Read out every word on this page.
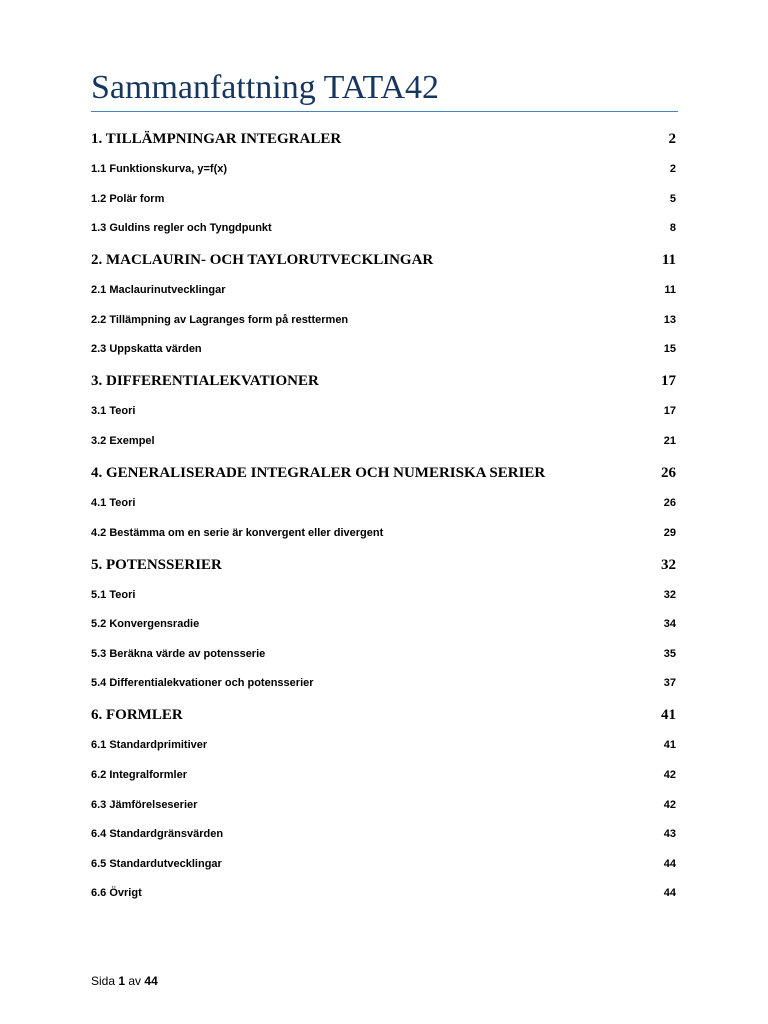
Sammanfattning TATA42
1. TILLÄMPNINGAR INTEGRALER	2
1.1 Funktionskurva, y=f(x)	2
1.2 Polär form	5
1.3 Guldins regler och Tyngdpunkt	8
2. MACLAURIN- OCH TAYLORUTVECKLINGAR	11
2.1 Maclaurinutvecklingar	11
2.2 Tillämpning av Lagranges form på resttermen	13
2.3 Uppskatta värden	15
3. DIFFERENTIALEKVATIONER	17
3.1 Teori	17
3.2 Exempel	21
4. GENERALISERADE INTEGRALER OCH NUMERISKA SERIER	26
4.1 Teori	26
4.2 Bestämma om en serie är konvergent eller divergent	29
5. POTENSSERIER	32
5.1 Teori	32
5.2 Konvergensradie	34
5.3 Beräkna värde av potensserie	35
5.4 Differentialekvationer och potensserier	37
6. FORMLER	41
6.1 Standardprimitiver	41
6.2 Integralformler	42
6.3 Jämförelseserier	42
6.4 Standardgränsvärden	43
6.5 Standardutvecklingar	44
6.6 Övrigt	44
Sida 1 av 44
